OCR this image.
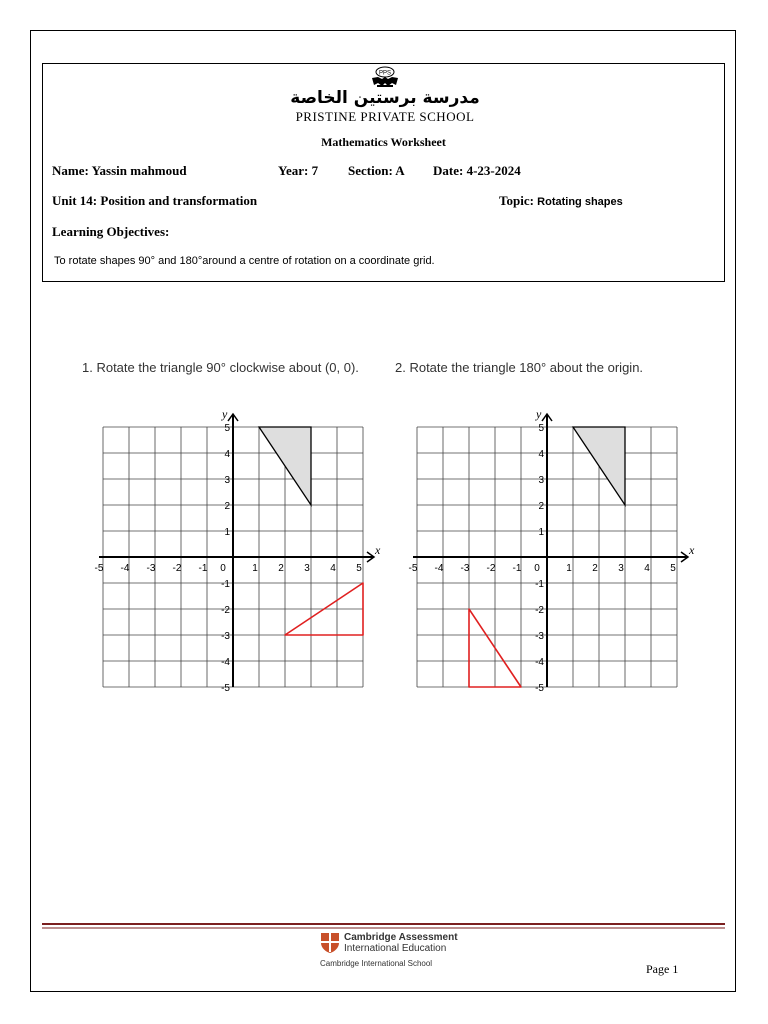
PPS
مدرسة برستين الخاصة
PRISTINE PRIVATE SCHOOL
Mathematics Worksheet
Name: Yassin mahmoud	Year: 7 Section: A Date: 4-23-2024
Unit 14: Position and transformation	Topic: Rotating shapes
Learning Objectives:
To rotate shapes 90° and 180°around a centre of rotation on a coordinate grid.
1. Rotate the triangle 90° clockwise about (0, 0).	2. Rotate the triangle 180° about the origin.
x
y
-5 -4 -3 -2 -1 0	1 2 3 4 5
5
4
3
2
1
-1
-2
-3
-4
-5
x
y
-5 -4 -3 -2 -1 0	1 2 3 4 5
5
4
3
2
1
-1
-2
-3
-4
-5
Cambridge Assessment
International Education
Cambridge International School	Page 1
